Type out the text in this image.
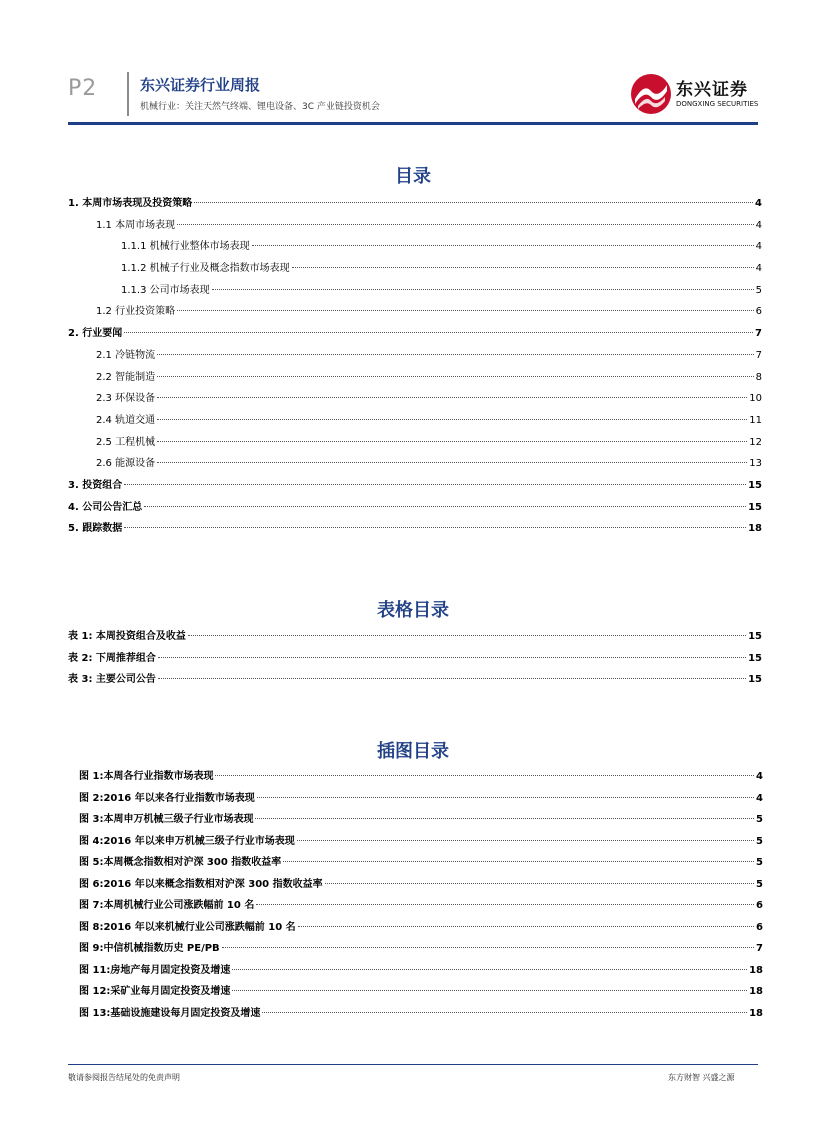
P2	东兴证券行业周报
机械行业：关注天然气终端、锂电设备、3C 产业链投资机会
东兴证券
DONGXING SECURITIES
目录
1. 本周市场表现及投资策略	4
1.1 本周市场表现	4
1.1.1 机械行业整体市场表现	4
1.1.2 机械子行业及概念指数市场表现	4
1.1.3 公司市场表现	5
1.2 行业投资策略	6
2. 行业要闻	7
2.1 冷链物流	7
2.2 智能制造	8
2.3 环保设备	10
2.4 轨道交通	11
2.5 工程机械	12
2.6 能源设备	13
3. 投资组合	15
4. 公司公告汇总	15
5. 跟踪数据	18
表格目录
表 1: 本周投资组合及收益	15
表 2: 下周推荐组合	15
表 3: 主要公司公告	15
插图目录
图 1:本周各行业指数市场表现	4
图 2:2016 年以来各行业指数市场表现	4
图 3:本周申万机械三级子行业市场表现	5
图 4:2016 年以来申万机械三级子行业市场表现	5
图 5:本周概念指数相对沪深 300 指数收益率	5
图 6:2016 年以来概念指数相对沪深 300 指数收益率	5
图 7:本周机械行业公司涨跌幅前 10 名	6
图 8:2016 年以来机械行业公司涨跌幅前 10 名	6
图 9:中信机械指数历史 PE/PB	7
图 11:房地产每月固定投资及增速	18
图 12:采矿业每月固定投资及增速	18
图 13:基础设施建设每月固定投资及增速	18
敬请参阅报告结尾处的免责声明	东方财智 兴盛之源
